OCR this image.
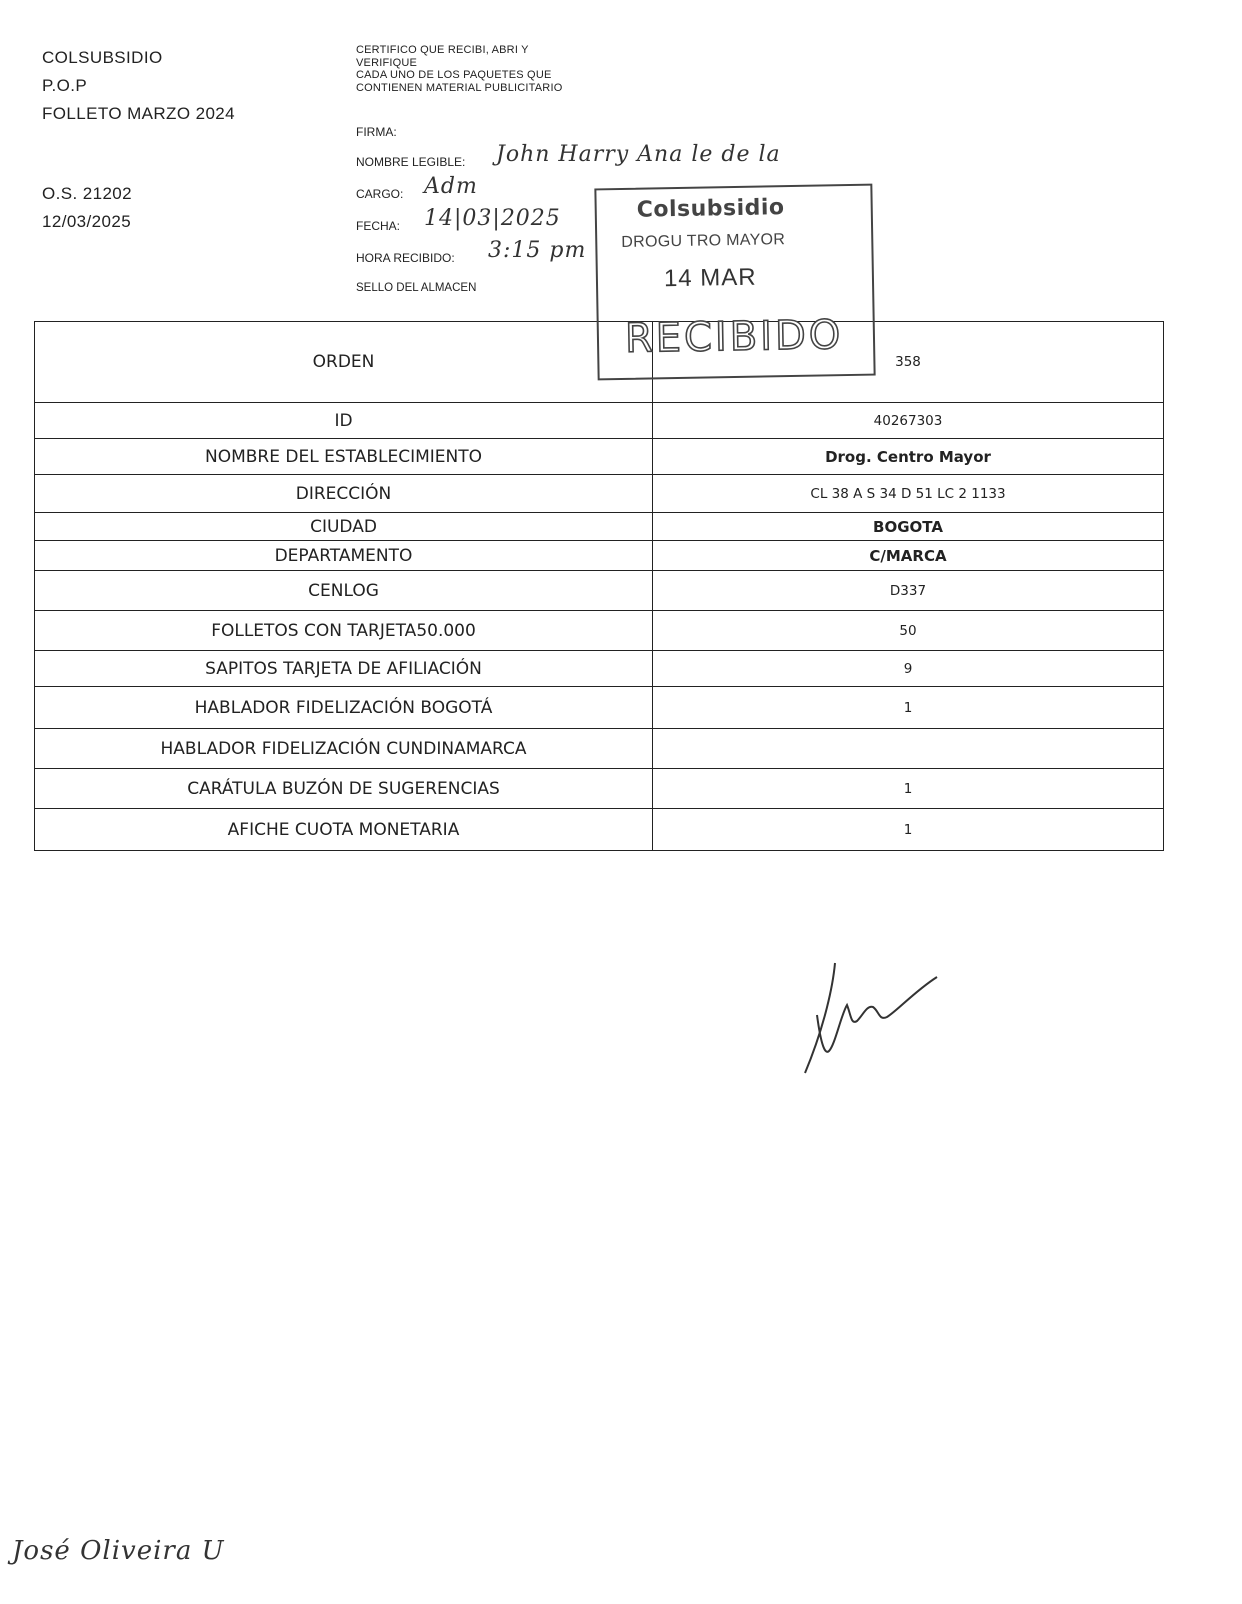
COLSUBSIDIO
P.O.P
FOLLETO MARZO 2024
O.S. 21202
12/03/2025
CERTIFICO QUE RECIBI, ABRI Y
VERIFIQUE
CADA UNO DE LOS PAQUETES QUE
CONTIENEN MATERIAL PUBLICITARIO
FIRMA:
NOMBRE LEGIBLE: John Harry Ana le de la
CARGO: Adm
FECHA: 14|03|2025
HORA RECIBIDO: 3:15 pm
SELLO DEL ALMACEN
ORDEN	358
ID	40267303
NOMBRE DEL ESTABLECIMIENTO	Drog. Centro Mayor
DIRECCIÓN	CL 38 A S 34 D 51 LC 2 1133
CIUDAD	BOGOTA
DEPARTAMENTO	C/MARCA
CENLOG	D337
FOLLETOS CON TARJETA50.000	50
SAPITOS TARJETA DE AFILIACIÓN	9
HABLADOR FIDELIZACIÓN BOGOTÁ	1
HABLADOR FIDELIZACIÓN CUNDINAMARCA	
CARÁTULA BUZÓN DE SUGERENCIAS	1
AFICHE CUOTA MONETARIA	1
Colsubsidio
DROGU TRO MAYOR
14 MAR
RECIBIDO
José Oliveira U
